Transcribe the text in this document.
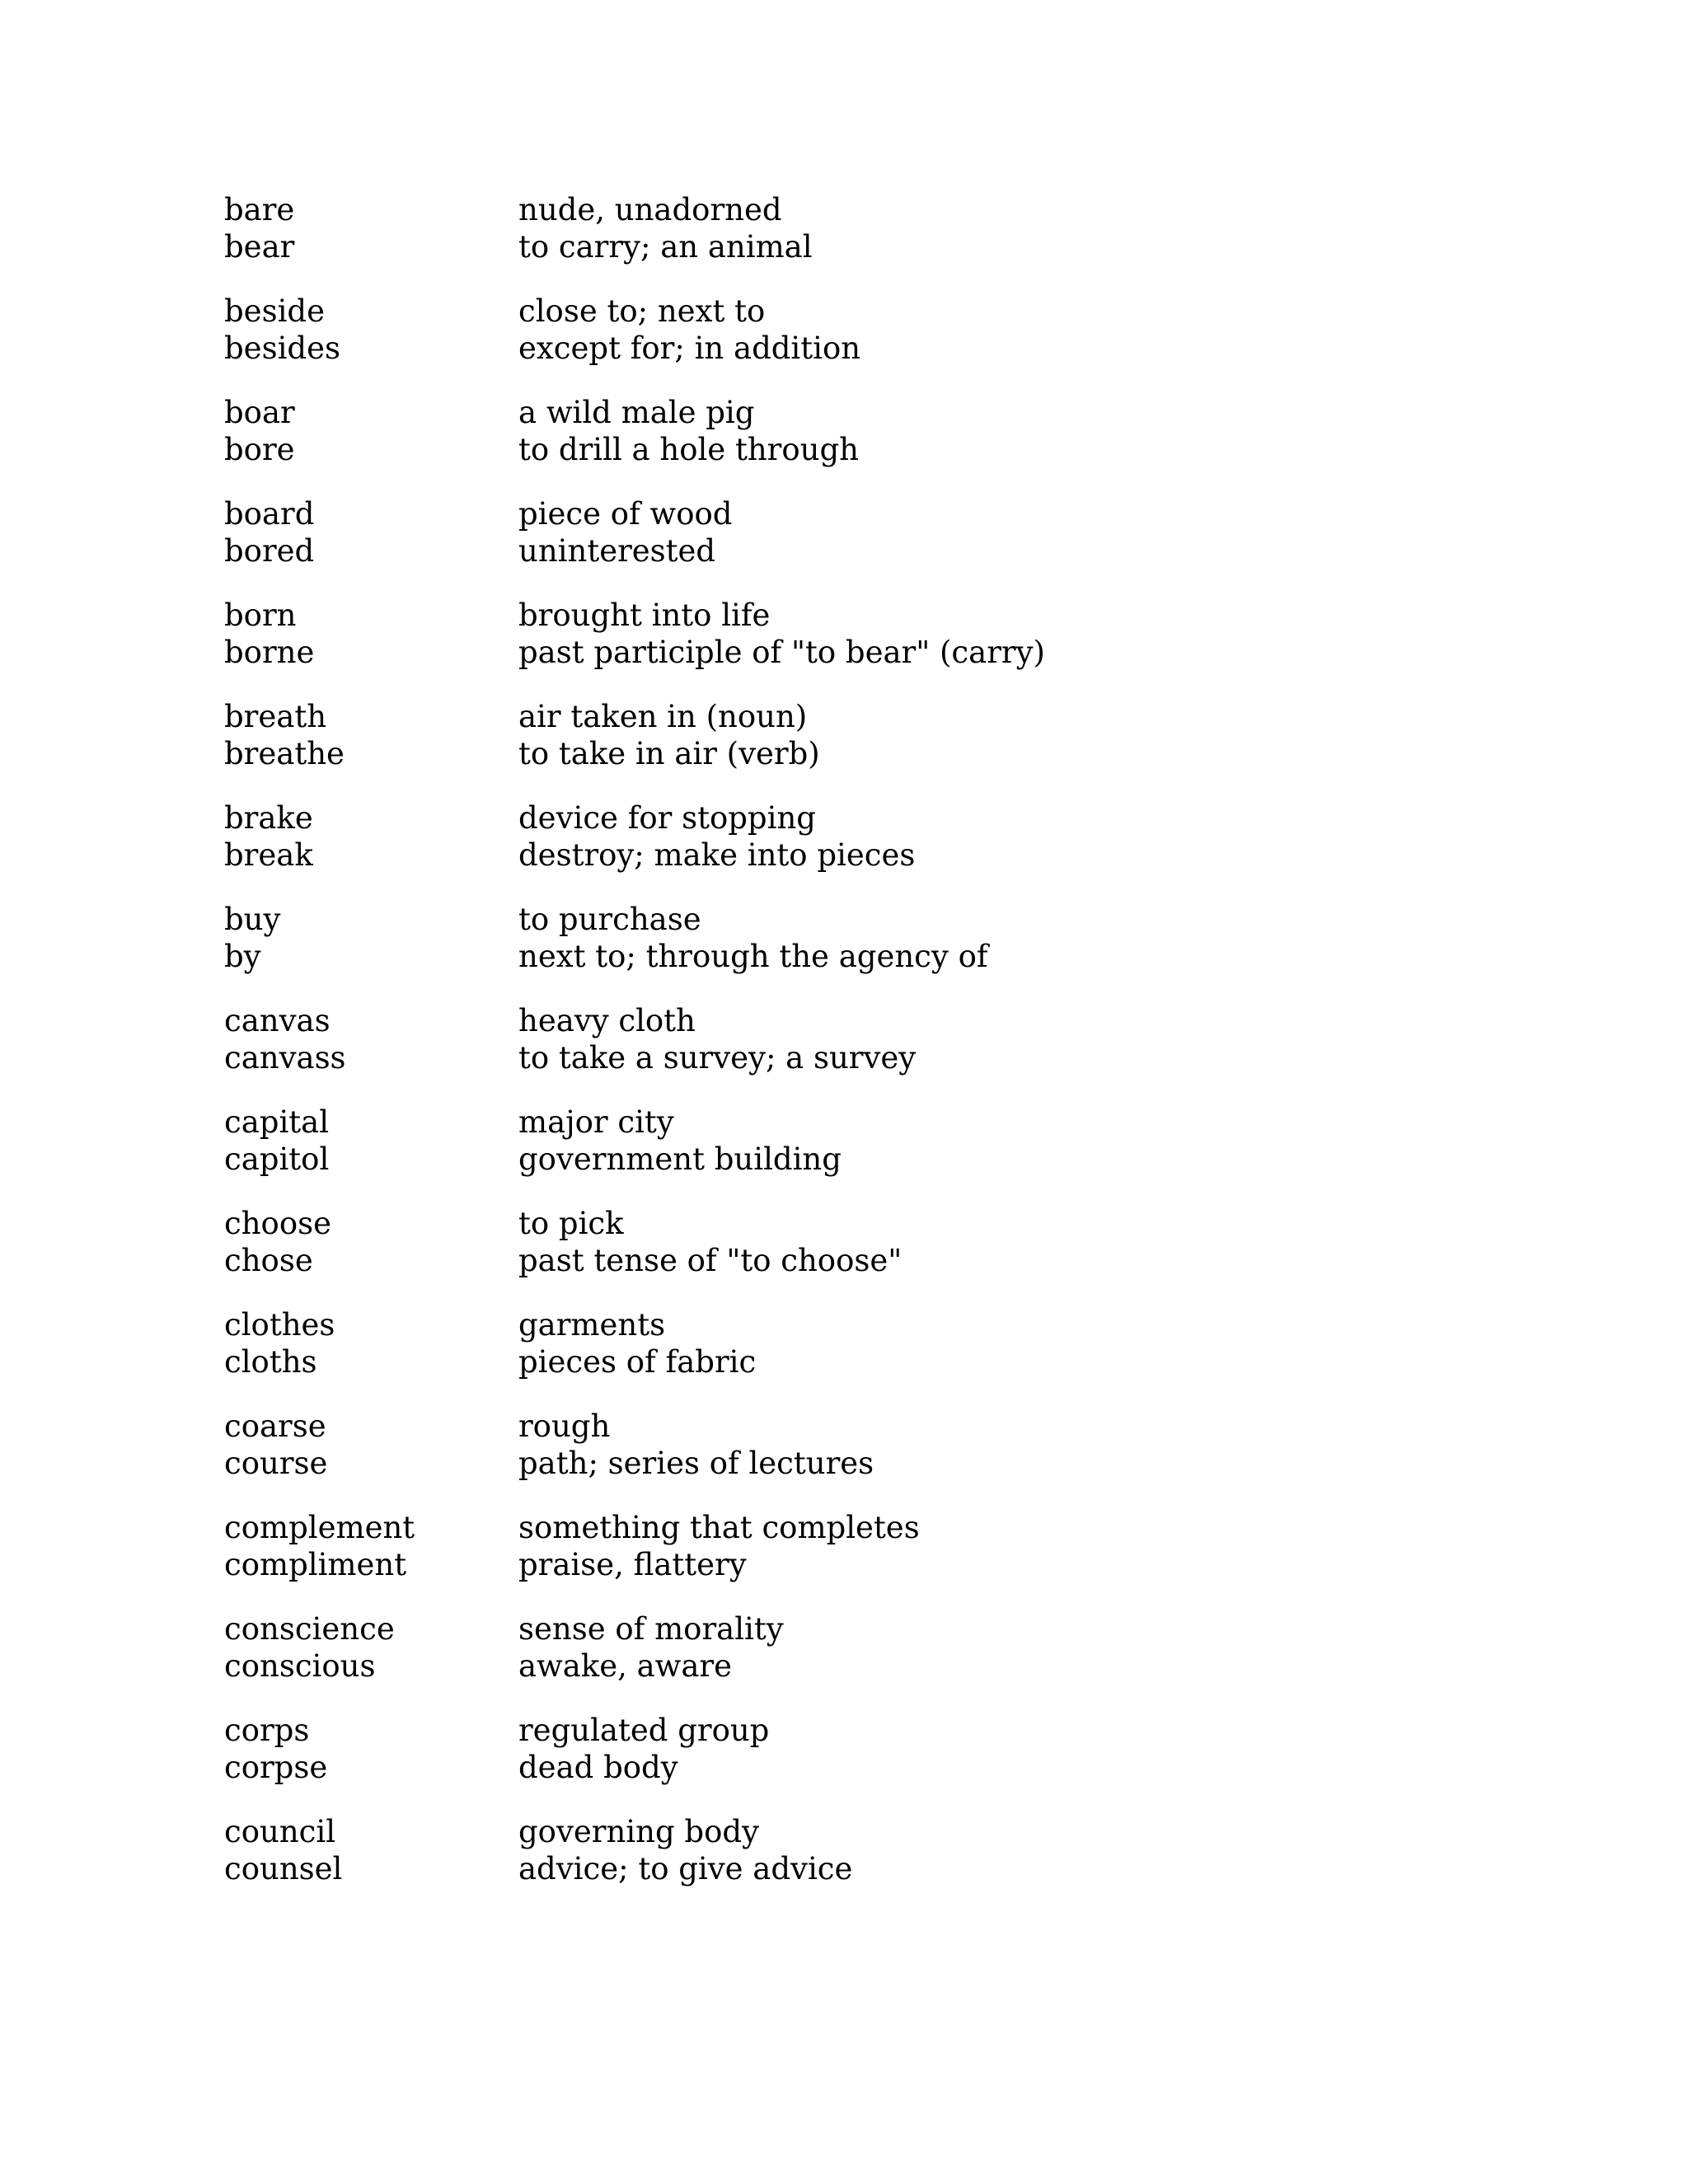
bare	nude, unadorned
bear	to carry; an animal
beside	close to; next to
besides	except for; in addition
boar	a wild male pig
bore	to drill a hole through
board	piece of wood
bored	uninterested
born	brought into life
borne	past participle of "to bear" (carry)
breath	air taken in (noun)
breathe	to take in air (verb)
brake	device for stopping
break	destroy; make into pieces
buy	to purchase
by	next to; through the agency of
canvas	heavy cloth
canvass	to take a survey; a survey
capital	major city
capitol	government building
choose	to pick
chose	past tense of "to choose"
clothes	garments
cloths	pieces of fabric
coarse	rough
course	path; series of lectures
complement	something that completes
compliment	praise, flattery
conscience	sense of morality
conscious	awake, aware
corps	regulated group
corpse	dead body
council	governing body
counsel	advice; to give advice
